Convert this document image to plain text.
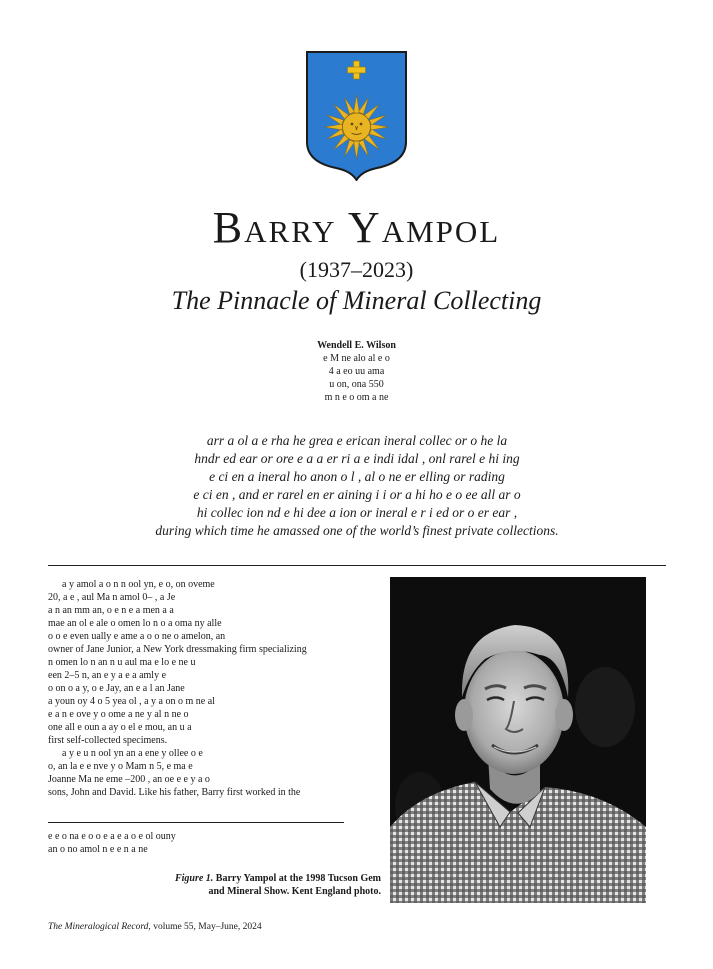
Barry Yampol
(1937–2023)
The Pinnacle of Mineral Collecting
Wendell E. Wilson
e M ne alo al e o
4 a eo uu ama
u on, ona 550
m n e o om a ne
arr a ol a e rha he grea e erican ineral collec or o he la
hndr ed ear or ore e a a er ri a e indi idal , onl rarel e hi ing
e ci en a ineral ho anon o l , al o ne er elling or rading
e ci en , and er rarel en er aining i i or a hi ho e o ee all ar o
hi collec ion nd e hi dee a ion or ineral e r i ed or o er ear ,
during which time he amassed one of the world’s finest private collections.

a y amol a o n n ool yn, e o, on oveme

20, a e , aul Ma n amol 0– , a Je

a n an mm an, o e n e a men a a

mae an ol e ale o omen lo n o a oma ny alle

o o e even ually e ame a o o ne o amelon, an

owner of Jane Junior, a New York dressmaking firm specializing

n omen lo n an n u aul ma e lo e ne u

een 2–5 n, an e y a e a amly e

o on o a y, o e Jay, an e a l an Jane

a youn oy 4 o 5 yea ol , a y a on o m ne al

e a n e ove y o ome a ne y al n ne o

one all e oun a ay o el e mou, an u a

first self-collected specimens.

a y e u n ool yn an a ene y ollee o e

o, an la e e nve y o Mam n 5, e ma e

Joanne Ma ne eme –200 , an oe e e y a o

sons, John and David. Like his father, Barry first worked in the

e e o na e o o e a e a o e ol ouny
an o no amol n e e n a ne
Figure 1. Barry Yampol at the 1998 Tucson Gem and Mineral Show. Kent England photo.
The Mineralogical Record, volume 55, May–June, 2024
